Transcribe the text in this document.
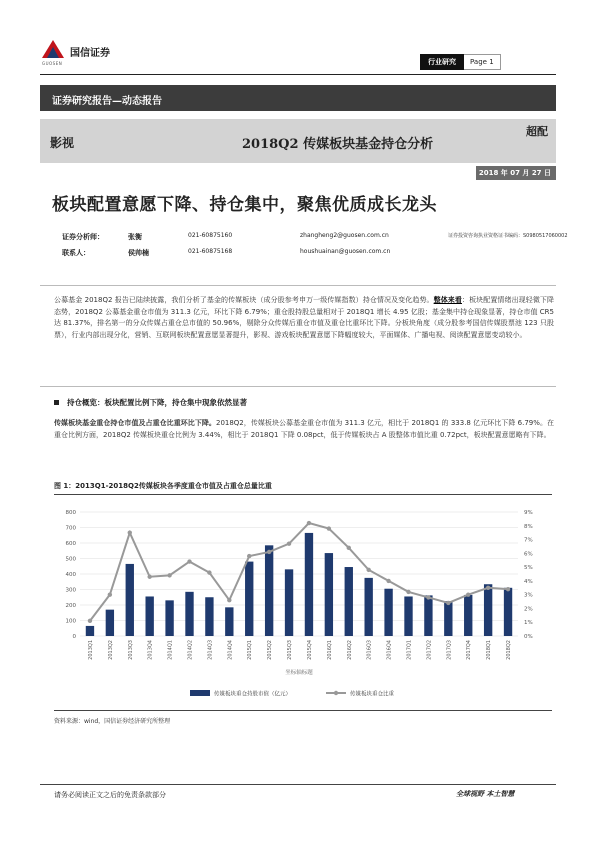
国信证券
GUOSEN	行业研究	Page 1
证券研究报告—动态报告
影视	2018Q2 传媒板块基金持仓分析
超配
2018 年 07 月 27 日
板块配置意愿下降、持仓集中，聚焦优质成长龙头
证券分析师：	张衡	021-60875160	zhangheng2@guosen.com.cn	证券投资咨询执业资格证书编码：S0980517060002
联系人：	侯帅楠	021-60875168	houshuainan@guosen.com.cn
公募基金 2018Q2 报告已陆续披露，我们分析了基金的传媒板块（成分股参考申万一级传媒指数）持仓情况及变化趋势。整体来看：板块配置情绪出现轻微下降态势，2018Q2 公募基金重仓市值为 311.3 亿元，环比下降 6.79%；重仓股持股总量相对于 2018Q1 增长 4.95 亿股；基金集中持仓现象显著，持仓市值 CR5 达 81.37%，排名第一的分众传媒占重仓总市值的 50.96%，剔除分众传媒后重仓市值及重仓比重环比下降。分板块角度（成分股参考国信传媒股票池 123 只股票），行业内部出现分化，营销、互联网板块配置意愿显著提升，影视、游戏板块配置意愿下降幅度较大，平面媒体、广播电视、阅读配置意愿变动较小。
持仓概览：板块配置比例下降，持仓集中现象依然显著
传媒板块基金重仓持仓市值及占重仓比重环比下降。2018Q2，传媒板块公募基金重仓市值为 311.3 亿元，相比于 2018Q1 的 333.8 亿元环比下降 6.79%。在重仓比例方面，2018Q2 传媒板块重仓比例为 3.44%，相比于 2018Q1 下降 0.08pct，低于传媒板块占 A 股整体市值比重 0.72pct，板块配置意愿略有下降。
图 1：2013Q1-2018Q2传媒板块各季度重仓市值及占重仓总量比重
0
100
200
300
400
500
600
700
800
0%
1%
2%
3%
4%
5%
6%
7%
8%
9%
2013Q1	2013Q2	2013Q3	2013Q4	2014Q1	2014Q2	2014Q3	2014Q4	2015Q1	2015Q2	2015Q3	2015Q4	2016Q1	2016Q2	2016Q3	2016Q4	2017Q1	2017Q2	2017Q3	2017Q4	2018Q1	2018Q2
坐标轴标题
传媒板块重仓持股市值（亿元）	传媒板块重仓比重
资料来源：wind，国信证券经济研究所整理
请务必阅读正文之后的免责条款部分	全球视野 本土智慧
